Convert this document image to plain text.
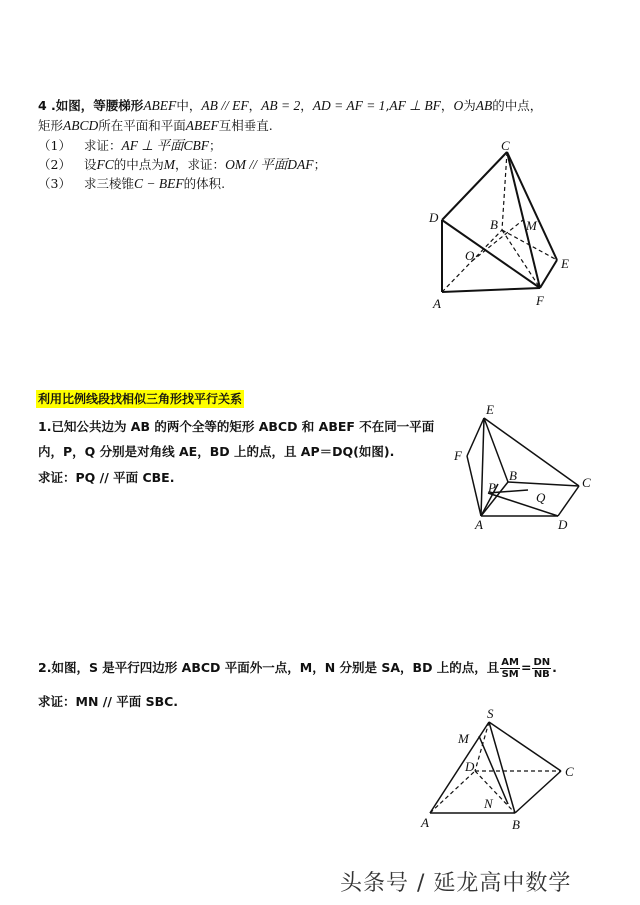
4 .如图，等腰梯形ABEF中，AB // EF，AB = 2，AD = AF = 1,AF ⊥ BF，O为AB的中点，
矩形ABCD所在平面和平面ABEF互相垂直.
（1） 求证：AF ⊥ 平面CBF；
（2） 设FC的中点为M，求证：OM // 平面DAF；
（3） 求三棱锥C − BEF的体积.
C
D	B M
O
E
A	F
利用比例线段找相似三角形找平行关系
1.已知公共边为 AB 的两个全等的矩形 ABCD 和 ABEF 不在同一平面
内，P，Q 分别是对角线 AE，BD 上的点，且 AP＝DQ(如图).
求证：PQ // 平面 CBE.
E
F
B	C
P
Q
A	D
2.如图，S 是平行四边形 ABCD 平面外一点，M，N 分别是 SA，BD 上的点，且 $\frac{AM}{SM} = \frac{DN}{NB}$ .
求证：MN // 平面 SBC.
S
M
D	C
N
A	B
头条号 / 延龙高中数学
